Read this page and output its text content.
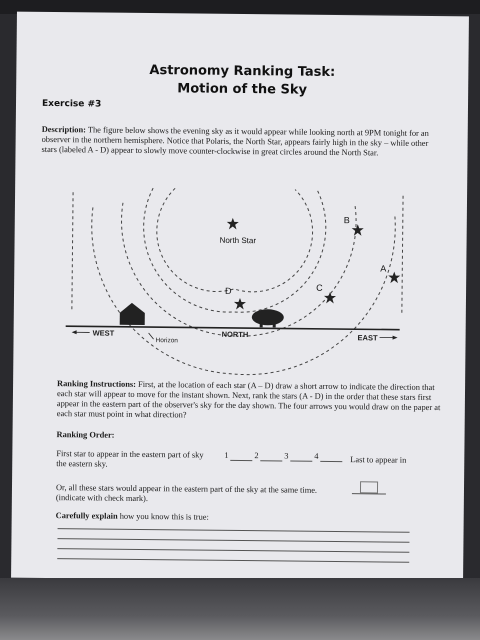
Astronomy Ranking Task:
Motion of the Sky
Exercise #3
Description: The figure below shows the evening sky as it would appear while looking north at 9PM tonight for an observer in the northern hemisphere. Notice that Polaris, the North Star, appears fairly high in the sky – while other stars (labeled A - D) appear to slowly move counter-clockwise in great circles around the North Star.
North Star
B
A
C
D
WEST	NORTH	EAST
Horizon
Ranking Instructions: First, at the location of each star (A – D) draw a short arrow to indicate the direction that each star will appear to move for the instant shown. Next, rank the stars (A - D) in the order that these stars first appear in the eastern part of the observer's sky for the day shown. The four arrows you would draw on the paper at each star must point in what direction?
Ranking Order:
First star to appear in the eastern part of sky
the eastern sky.
1	2	3	4	Last to appear in
Or, all these stars would appear in the eastern part of the sky at the same time.
(indicate with check mark).
Carefully explain how you know this is true:
